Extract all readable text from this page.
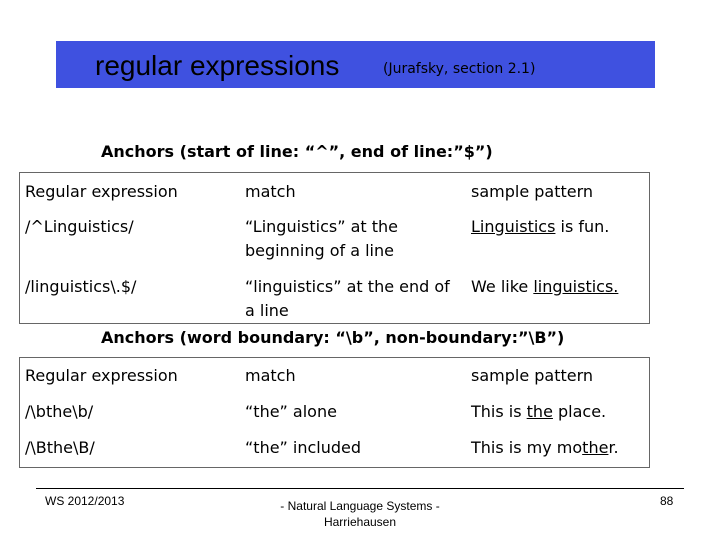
regular expressions	(Jurafsky, section 2.1)
Anchors (start of line: “^”, end of line:”$”)
Regular expression	match	sample pattern
/^Linguistics/	“Linguistics” at the beginning of a line	Linguistics is fun.
/linguistics\.$/	“linguistics” at the end of a line	We like linguistics.
Anchors (word boundary: “\b”, non-boundary:”\B”)
Regular expression	match	sample pattern
/\bthe\b/	“the” alone	This is the place.
/\Bthe\B/	“the” included	This is my mother.
WS 2012/2013	- Natural Language Systems - Harriehausen
88
